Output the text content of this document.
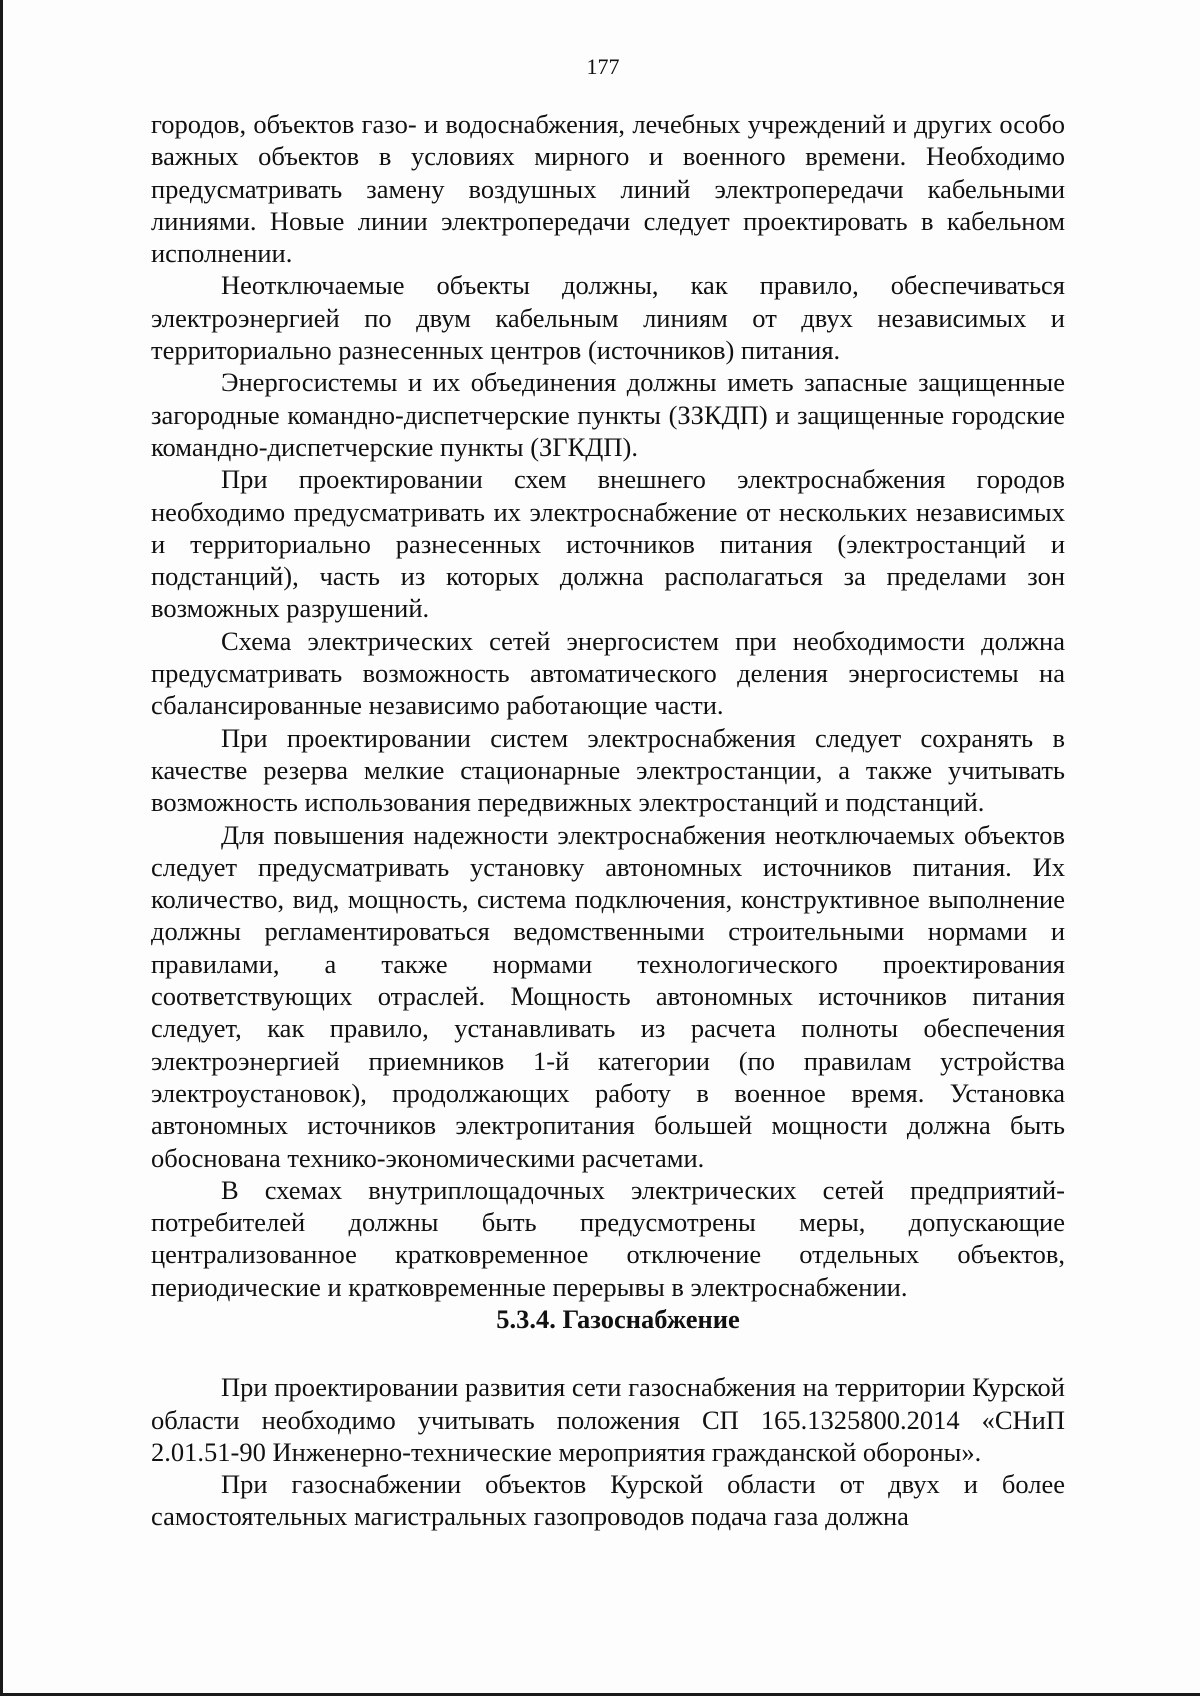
177

городов, объектов газо- и водоснабжения, лечебных учреждений и других особо важных объектов в условиях мирного и военного времени. Необходимо предусматривать замену воздушных линий электропередачи кабельными линиями. Новые линии электропередачи следует проектировать в кабельном исполнении.

Неотключаемые объекты должны, как правило, обеспечиваться электроэнергией по двум кабельным линиям от двух независимых и территориально разнесенных центров (источников) питания.

Энергосистемы и их объединения должны иметь запасные защищенные загородные командно-диспетчерские пункты (ЗЗКДП) и защищенные городские командно-диспетчерские пункты (ЗГКДП).

При проектировании схем внешнего электроснабжения городов необходимо предусматривать их электроснабжение от нескольких независимых и территориально разнесенных источников питания (электростанций и подстанций), часть из которых должна располагаться за пределами зон возможных разрушений.

Схема электрических сетей энергосистем при необходимости должна предусматривать возможность автоматического деления энергосистемы на сбалансированные независимо работающие части.

При проектировании систем электроснабжения следует сохранять в качестве резерва мелкие стационарные электростанции, а также учитывать возможность использования передвижных электростанций и подстанций.

Для повышения надежности электроснабжения неотключаемых объектов следует предусматривать установку автономных источников питания. Их количество, вид, мощность, система подключения, конструктивное выполнение должны регламентироваться ведомственными строительными нормами и правилами, а также нормами технологического проектирования соответствующих отраслей. Мощность автономных источников питания следует, как правило, устанавливать из расчета полноты обеспечения электроэнергией приемников 1-й категории (по правилам устройства электроустановок), продолжающих работу в военное время. Установка автономных источников электропитания большей мощности должна быть обоснована технико-экономическими расчетами.

В схемах внутриплощадочных электрических сетей предприятий-потребителей должны быть предусмотрены меры, допускающие централизованное кратковременное отключение отдельных объектов, периодические и кратковременные перерывы в электроснабжении.

5.3.4. Газоснабжение

При проектировании развития сети газоснабжения на территории Курской области необходимо учитывать положения СП 165.1325800.2014 «СНиП 2.01.51-90 Инженерно-технические мероприятия гражданской обороны».

При газоснабжении объектов Курской области от двух и более самостоятельных магистральных газопроводов подача газа должна
